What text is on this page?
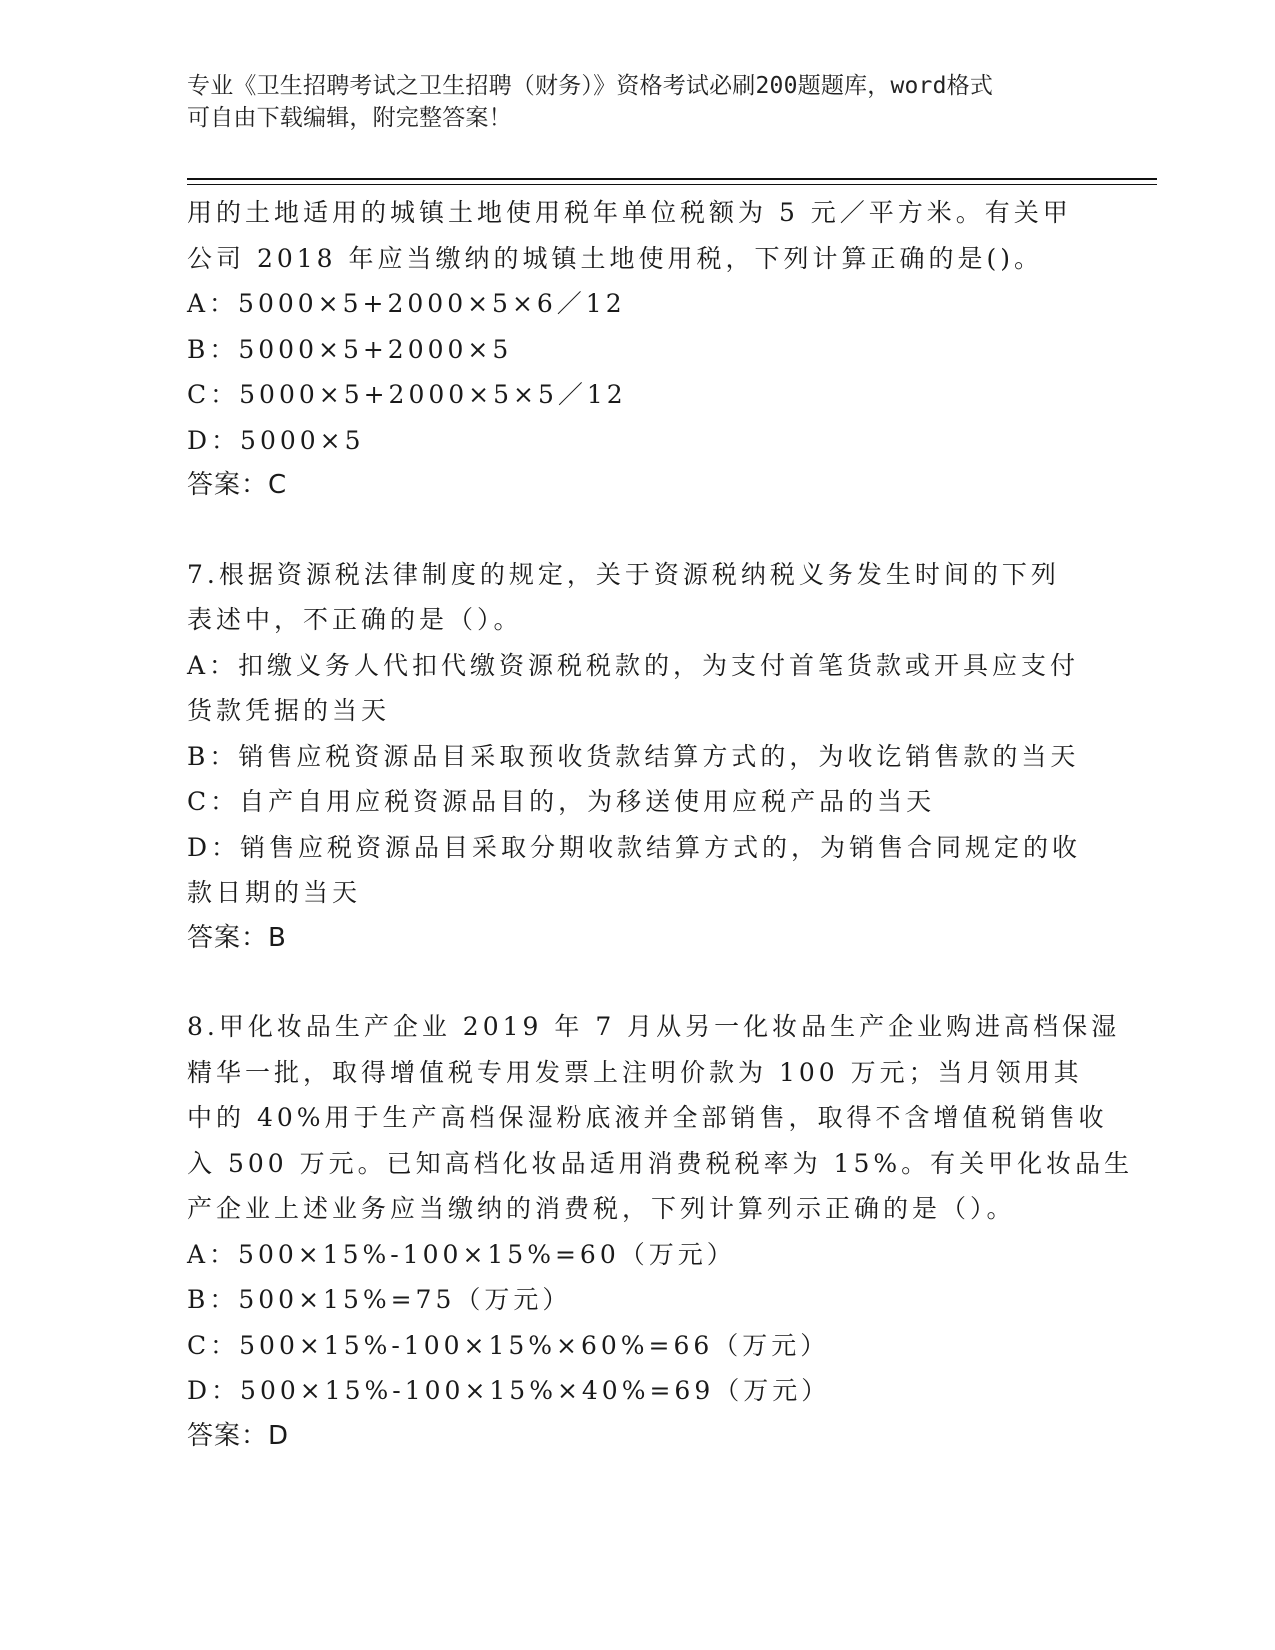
专业《卫生招聘考试之卫生招聘（财务）》资格考试必刷200题题库，word格式
可自由下载编辑，附完整答案！
用的土地适用的城镇土地使用税年单位税额为 5 元／平方米。有关甲
公司 2018 年应当缴纳的城镇土地使用税，下列计算正确的是()。
A：5000×5+2000×5×6／12
B：5000×5+2000×5
C：5000×5+2000×5×5／12
D：5000×5
答案：C
7.根据资源税法律制度的规定，关于资源税纳税义务发生时间的下列
表述中，不正确的是（）。
A：扣缴义务人代扣代缴资源税税款的，为支付首笔货款或开具应支付
货款凭据的当天
B：销售应税资源品目采取预收货款结算方式的，为收讫销售款的当天
C：自产自用应税资源品目的，为移送使用应税产品的当天
D：销售应税资源品目采取分期收款结算方式的，为销售合同规定的收
款日期的当天
答案：B
8.甲化妆品生产企业 2019 年 7 月从另一化妆品生产企业购进高档保湿
精华一批，取得增值税专用发票上注明价款为 100 万元；当月领用其
中的 40%用于生产高档保湿粉底液并全部销售，取得不含增值税销售收
入 500 万元。已知高档化妆品适用消费税税率为 15%。有关甲化妆品生
产企业上述业务应当缴纳的消费税，下列计算列示正确的是（）。
A：500×15%-100×15%=60（万元）
B：500×15%=75（万元）
C：500×15%-100×15%×60%=66（万元）
D：500×15%-100×15%×40%=69（万元）
答案：D
